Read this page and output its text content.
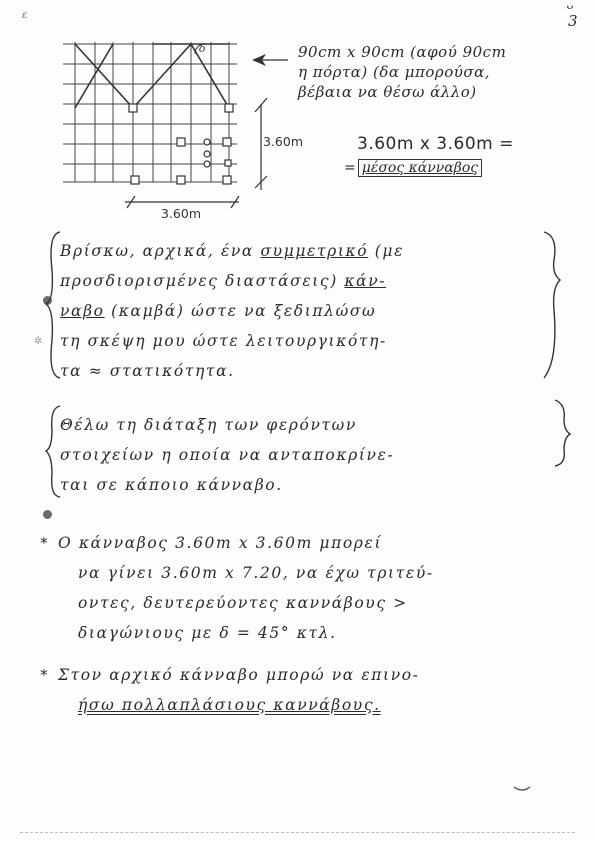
ε
ᴗ
3
δ
3.60m
3.60m
90cm x 90cm (αφού 90cm
η πόρτα) (δα μπορούσα,
βέβαια να θέσω άλλο)
3.60m x 3.60m =
= μέσος κάνναβος
✲
Βρίσκω, αρχικά, ένα συμμετρικό (με
προσδιορισμένες διαστάσεις) κάν-
ναβο (καμβά) ώστε να ξεδιπλώσω
τη σκέψη μου ώστε λειτουργικότη-
τα ≈ στατικότητα.
Θέλω τη διάταξη των φερόντων
στοιχείων η οποία να ανταποκρίνε-
ται σε κάποιο κάνναβο.
* Ο κάνναβος 3.60m x 3.60m μπορεί
να γίνει 3.60m x 7.20, να έχω τριτεύ-
οντες, δευτερεύοντες καννάβους >
διαγώνιους με δ = 45° κτλ.
* Στον αρχικό κάνναβο μπορώ να επινο-
ήσω πολλαπλάσιους καννάβους.
